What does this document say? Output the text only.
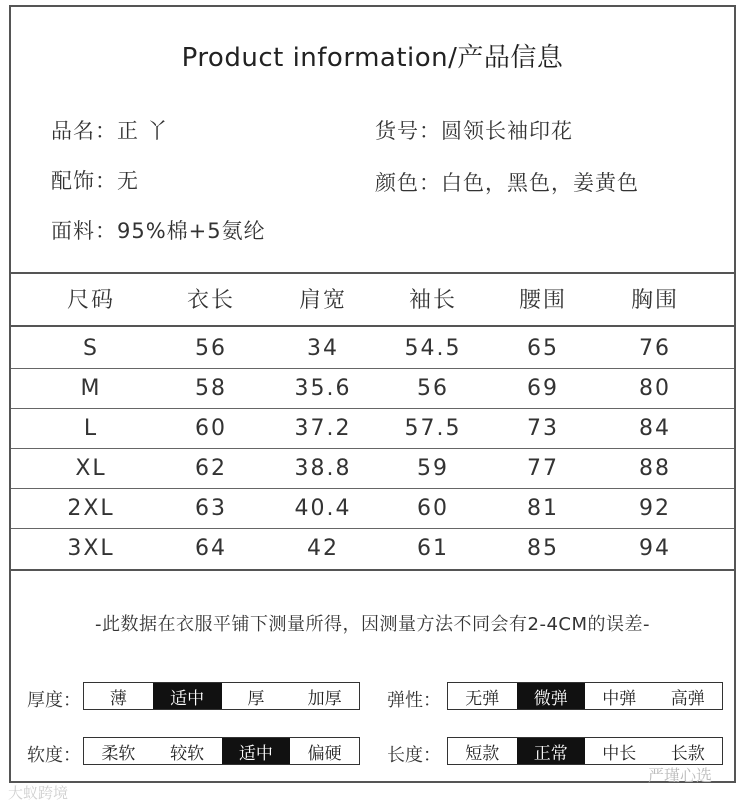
Product information/产品信息
品名：正 丫	货号：圆领长袖印花
配饰：无	颜色：白色，黑色，姜黄色
面料：95%棉+5氨纶
尺码	衣长	肩宽	袖长	腰围	胸围
S	56	34	54.5	65	76
M	58	35.6	56	69	80
L	60	37.2	57.5	73	84
XL	62	38.8	59	77	88
2XL	63	40.4	60	81	92
3XL	64	42	61	85	94
-此数据在衣服平铺下测量所得，因测量方法不同会有2-4CM的误差-
厚度：	薄	适中	厚	加厚	弹性：	无弹	微弹	中弹	高弹
软度：	柔软	较软	适中	偏硬	长度：	短款	正常	中长	长款
大蚁跨境
严瑾心选
